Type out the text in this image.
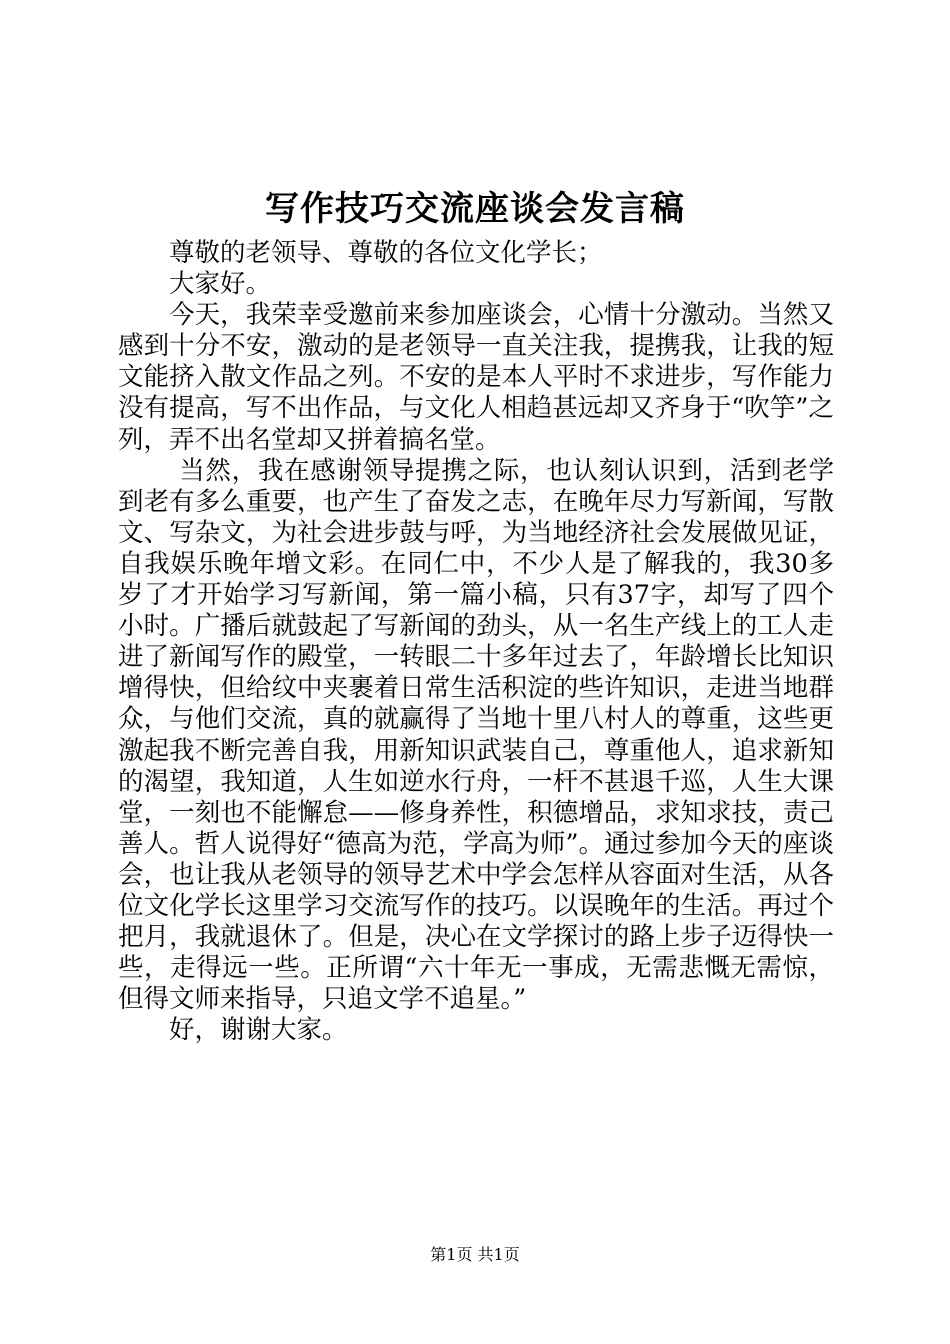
写作技巧交流座谈会发言稿

尊敬的老领导、尊敬的各位文化学长；

大家好。

今天，我荣幸受邀前来参加座谈会，心情十分激动。当然又感到十分不安，激动的是老领导一直关注我，提携我，让我的短文能挤入散文作品之列。不安的是本人平时不求进步，写作能力没有提高，写不出作品，与文化人相趋甚远却又齐身于“吹竽”之列，弄不出名堂却又拼着搞名堂。

当然，我在感谢领导提携之际，也认刻认识到，活到老学到老有多么重要，也产生了奋发之志，在晚年尽力写新闻，写散文、写杂文，为社会进步鼓与呼，为当地经济社会发展做见证，自我娱乐晚年增文彩。在同仁中，不少人是了解我的，我30多岁了才开始学习写新闻，第一篇小稿，只有37字，却写了四个小时。广播后就鼓起了写新闻的劲头，从一名生产线上的工人走进了新闻写作的殿堂，一转眼二十多年过去了，年龄增长比知识增得快，但给纹中夹裹着日常生活积淀的些许知识，走进当地群众，与他们交流，真的就赢得了当地十里八村人的尊重，这些更激起我不断完善自我，用新知识武装自己，尊重他人，追求新知的渴望，我知道，人生如逆水行舟，一杆不甚退千巡，人生大课堂，一刻也不能懈怠——修身养性，积德增品，求知求技，责己善人。哲人说得好“德高为范，学高为师”。通过参加今天的座谈会，也让我从老领导的领导艺术中学会怎样从容面对生活，从各位文化学长这里学习交流写作的技巧。以误晚年的生活。再过个把月，我就退休了。但是，决心在文学探讨的路上步子迈得快一些，走得远一些。正所谓“六十年无一事成，无需悲慨无需惊，但得文师来指导，只追文学不追星。”

好，谢谢大家。

第1页 共1页
